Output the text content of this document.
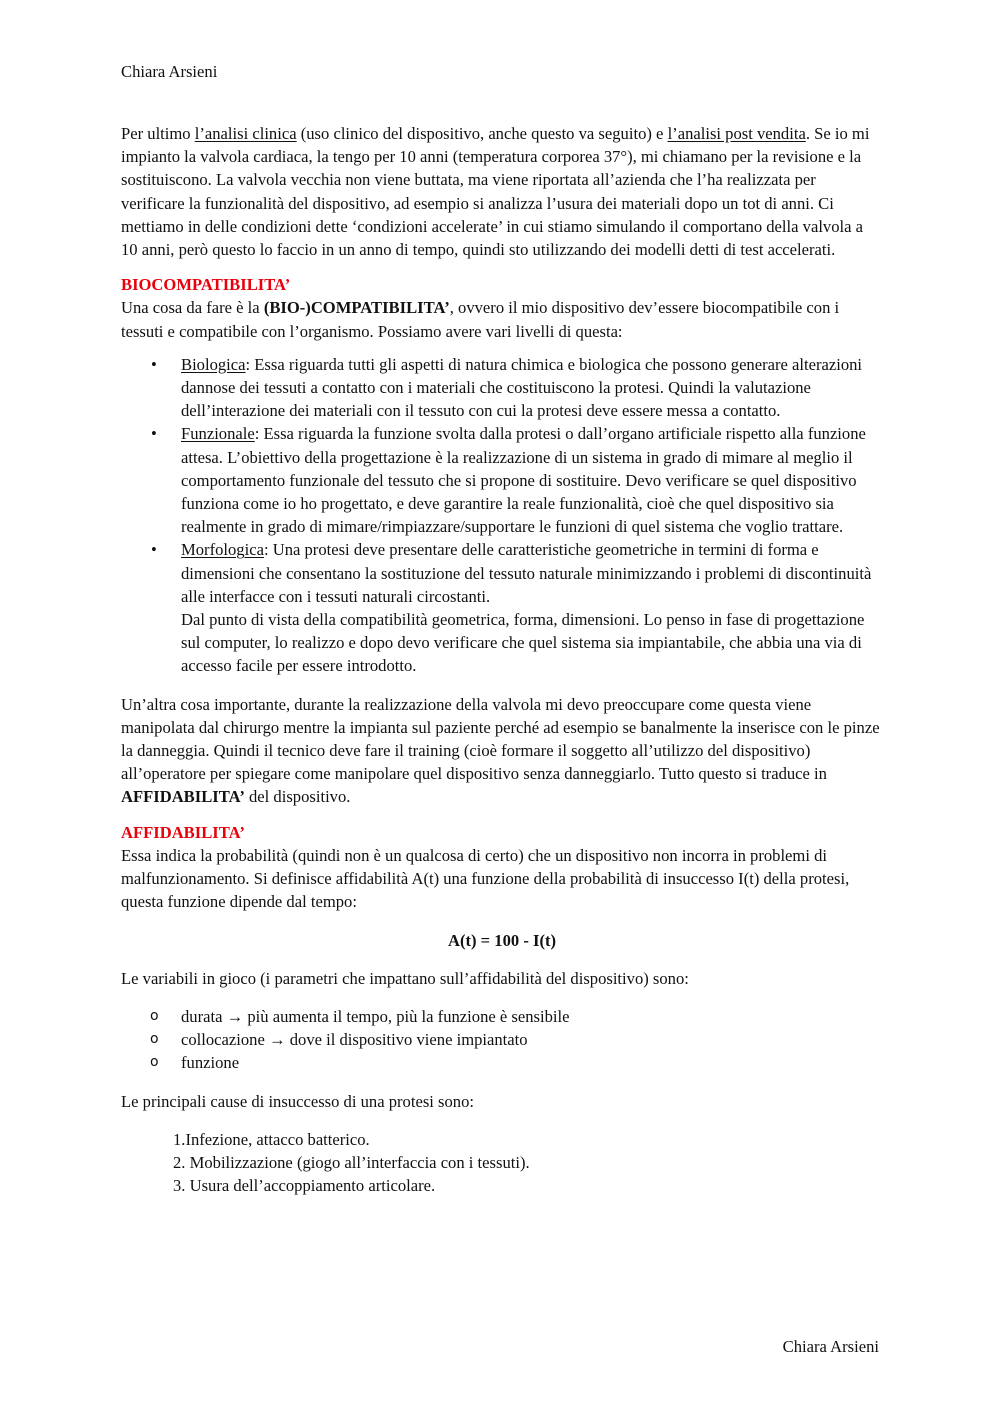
Chiara Arsieni

Per ultimo l’analisi clinica (uso clinico del dispositivo, anche questo va seguito) e l’analisi post vendita. Se io mi impianto la valvola cardiaca, la tengo per 10 anni (temperatura corporea 37°), mi chiamano per la revisione e la sostituiscono. La valvola vecchia non viene buttata, ma viene riportata all’azienda che l’ha realizzata per verificare la funzionalità del dispositivo, ad esempio si analizza l’usura dei materiali dopo un tot di anni. Ci mettiamo in delle condizioni dette ‘condizioni accelerate’ in cui stiamo simulando il comportano della valvola a 10 anni, però questo lo faccio in un anno di tempo, quindi sto utilizzando dei modelli detti di test accelerati.

BIOCOMPATIBILITA’

Una cosa da fare è la (BIO-)COMPATIBILITA’, ovvero il mio dispositivo dev’essere biocompatibile con i tessuti e compatibile con l’organismo. Possiamo avere vari livelli di questa:

•	Biologica: Essa riguarda tutti gli aspetti di natura chimica e biologica che possono generare alterazioni dannose dei tessuti a contatto con i materiali che costituiscono la protesi. Quindi la valutazione dell’interazione dei materiali con il tessuto con cui la protesi deve essere messa a contatto.
•	Funzionale: Essa riguarda la funzione svolta dalla protesi o dall’organo artificiale rispetto alla funzione attesa. L’obiettivo della progettazione è la realizzazione di un sistema in grado di mimare al meglio il comportamento funzionale del tessuto che si propone di sostituire. Devo verificare se quel dispositivo funziona come io ho progettato, e deve garantire la reale funzionalità, cioè che quel dispositivo sia realmente in grado di mimare/rimpiazzare/supportare le funzioni di quel sistema che voglio trattare.
•	Morfologica: Una protesi deve presentare delle caratteristiche geometriche in termini di forma e dimensioni che consentano la sostituzione del tessuto naturale minimizzando i problemi di discontinuità alle interfacce con i tessuti naturali circostanti.
Dal punto di vista della compatibilità geometrica, forma, dimensioni. Lo penso in fase di progettazione sul computer, lo realizzo e dopo devo verificare che quel sistema sia impiantabile, che abbia una via di accesso facile per essere introdotto.

Un’altra cosa importante, durante la realizzazione della valvola mi devo preoccupare come questa viene manipolata dal chirurgo mentre la impianta sul paziente perché ad esempio se banalmente la inserisce con le pinze la danneggia. Quindi il tecnico deve fare il training (cioè formare il soggetto all’utilizzo del dispositivo) all’operatore per spiegare come manipolare quel dispositivo senza danneggiarlo. Tutto questo si traduce in AFFIDABILITA’ del dispositivo.

AFFIDABILITA’

Essa indica la probabilità (quindi non è un qualcosa di certo) che un dispositivo non incorra in problemi di malfunzionamento. Si definisce affidabilità A(t) una funzione della probabilità di insuccesso I(t) della protesi, questa funzione dipende dal tempo:

A(t) = 100 - I(t)

Le variabili in gioco (i parametri che impattano sull’affidabilità del dispositivo) sono:

o durata → più aumenta il tempo, più la funzione è sensibile
o collocazione → dove il dispositivo viene impiantato
o funzione

Le principali cause di insuccesso di una protesi sono:

1.Infezione, attacco batterico.
2. Mobilizzazione (giogo all’interfaccia con i tessuti).
3. Usura dell’accoppiamento articolare.
Chiara Arsieni
